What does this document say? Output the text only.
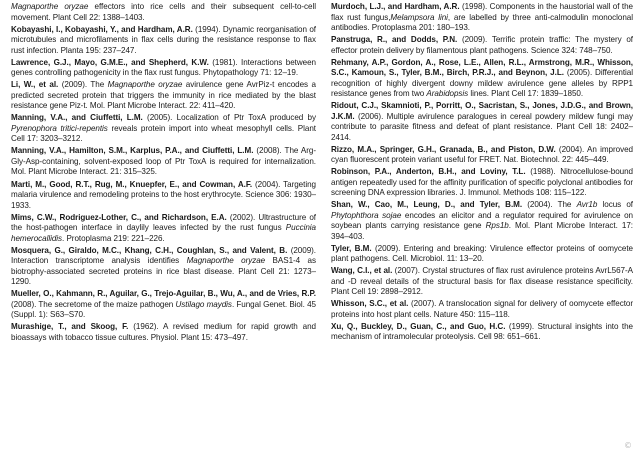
Magnaporthe oryzae effectors into rice cells and their subsequent cell-to-cell movement. Plant Cell 22: 1388–1403.

Kobayashi, I., Kobayashi, Y., and Hardham, A.R. (1994). Dynamic reorganisation of microtubules and microfilaments in flax cells during the resistance response to flax rust infection. Planta 195: 237–247.

Lawrence, G.J., Mayo, G.M.E., and Shepherd, K.W. (1981). Interactions between genes controlling pathogenicity in the flax rust fungus. Phytopathology 71: 12–19.

Li, W., et al. (2009). The Magnaporthe oryzae avirulence gene AvrPiz-t encodes a predicted secreted protein that triggers the immunity in rice mediated by the blast resistance gene Piz-t. Mol. Plant Microbe Interact. 22: 411–420.

Manning, V.A., and Ciuffetti, L.M. (2005). Localization of Ptr ToxA produced by Pyrenophora tritici-repentis reveals protein import into wheat mesophyll cells. Plant Cell 17: 3203–3212.

Manning, V.A., Hamilton, S.M., Karplus, P.A., and Ciuffetti, L.M. (2008). The Arg-Gly-Asp-containing, solvent-exposed loop of Ptr ToxA is required for internalization. Mol. Plant Microbe Interact. 21: 315–325.

Marti, M., Good, R.T., Rug, M., Knuepfer, E., and Cowman, A.F. (2004). Targeting malaria virulence and remodeling proteins to the host erythrocyte. Science 306: 1930–1933.

Mims, C.W., Rodriguez-Lother, C., and Richardson, E.A. (2002). Ultrastructure of the host-pathogen interface in daylily leaves infected by the rust fungus Puccinia hemerocallidis. Protoplasma 219: 221–226.

Mosquera, G., Giraldo, M.C., Khang, C.H., Coughlan, S., and Valent, B. (2009). Interaction transcriptome analysis identifies Magnaporthe oryzae BAS1-4 as biotrophy-associated secreted proteins in rice blast disease. Plant Cell 21: 1273–1290.

Mueller, O., Kahmann, R., Aguilar, G., Trejo-Aguilar, B., Wu, A., and de Vries, R.P. (2008). The secretome of the maize pathogen Ustilago maydis. Fungal Genet. Biol. 45 (Suppl. 1): S63–S70.

Murashige, T., and Skoog, F. (1962). A revised medium for rapid growth and bioassays with tobacco tissue cultures. Physiol. Plant 15: 473–497.

Murdoch, L.J., and Hardham, A.R. (1998). Components in the haustorial wall of the flax rust fungus,Melampsora lini, are labelled by three anti-calmodulin monoclonal antibodies. Protoplasma 201: 180–193.

Panstruga, R., and Dodds, P.N. (2009). Terrific protein traffic: The mystery of effector protein delivery by filamentous plant pathogens. Science 324: 748–750.

Rehmany, A.P., Gordon, A., Rose, L.E., Allen, R.L., Armstrong, M.R., Whisson, S.C., Kamoun, S., Tyler, B.M., Birch, P.R.J., and Beynon, J.L. (2005). Differential recognition of highly divergent downy mildew avirulence gene alleles by RPP1 resistance genes from two Arabidopsis lines. Plant Cell 17: 1839–1850.

Ridout, C.J., Skamnioti, P., Porritt, O., Sacristan, S., Jones, J.D.G., and Brown, J.K.M. (2006). Multiple avirulence paralogues in cereal powdery mildew fungi may contribute to parasite fitness and defeat of plant resistance. Plant Cell 18: 2402–2414.

Rizzo, M.A., Springer, G.H., Granada, B., and Piston, D.W. (2004). An improved cyan fluorescent protein variant useful for FRET. Nat. Biotechnol. 22: 445–449.

Robinson, P.A., Anderton, B.H., and Loviny, T.L. (1988). Nitrocellulose-bound antigen repeatedly used for the affinity purification of specific polyclonal antibodies for screening DNA expression libraries. J. Immunol. Methods 108: 115–122.

Shan, W., Cao, M., Leung, D., and Tyler, B.M. (2004). The Avr1b locus of Phytophthora sojae encodes an elicitor and a regulator required for avirulence on soybean plants carrying resistance gene Rps1b. Mol. Plant Microbe Interact. 17: 394–403.

Tyler, B.M. (2009). Entering and breaking: Virulence effector proteins of oomycete plant pathogens. Cell. Microbiol. 11: 13–20.

Wang, C.I., et al. (2007). Crystal structures of flax rust avirulence proteins AvrL567-A and -D reveal details of the structural basis for flax disease resistance specificity. Plant Cell 19: 2898–2912.

Whisson, S.C., et al. (2007). A translocation signal for delivery of oomycete effector proteins into host plant cells. Nature 450: 115–118.

Xu, Q., Buckley, D., Guan, C., and Guo, H.C. (1999). Structural insights into the mechanism of intramolecular proteolysis. Cell 98: 651–661.

©
